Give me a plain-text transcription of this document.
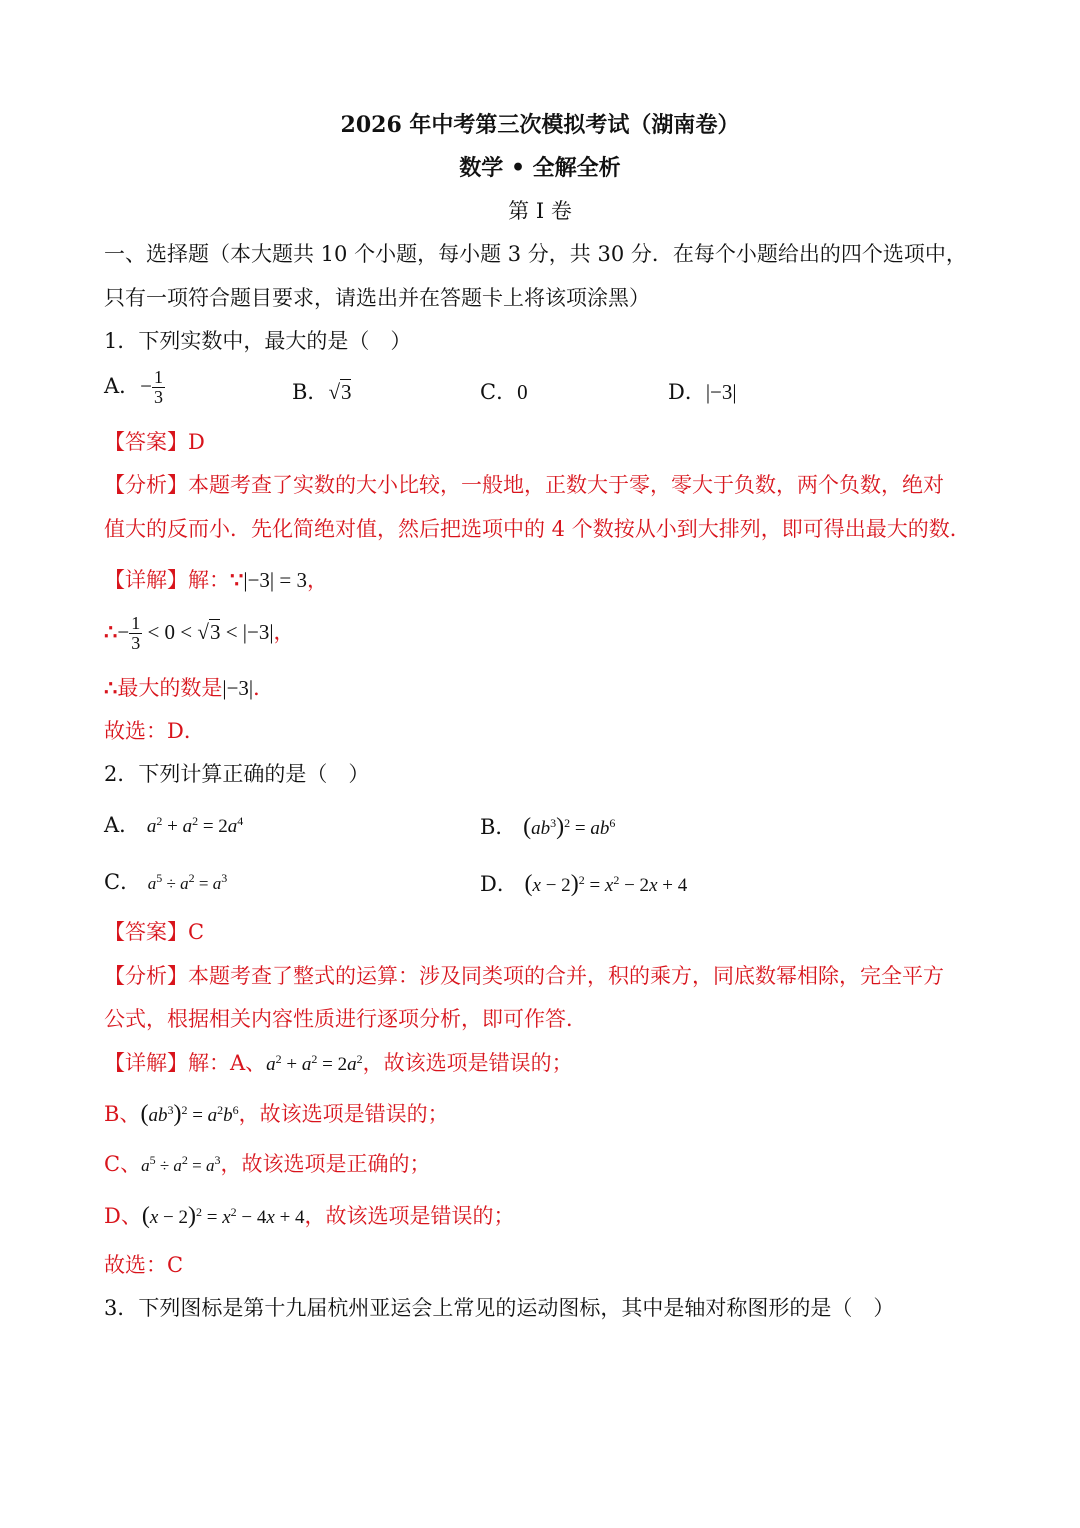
2026 年中考第三次模拟考试（湖南卷）
数学 • 全解全析
第 I 卷
一、选择题（本大题共 10 个小题，每小题 3 分，共 30 分．在每个小题给出的四个选项中，
只有一项符合题目要求，请选出并在答题卡上将该项涂黑）
1．下列实数中，最大的是（　）
A．− $\frac{1}{3}$	B．√3	C．0	D．|−3|
【答案】D
【分析】本题考查了实数的大小比较，一般地，正数大于零，零大于负数，两个负数，绝对
值大的反而小．先化简绝对值，然后把选项中的 4 个数按从小到大排列，即可得出最大的数．
【详解】解：∵|−3| = 3，
∴− $\frac{1}{3} < 0 < √3 < |-3|$，
∴最大的数是|−3|．
故选：D．
2．下列计算正确的是（　）
A． $a^2 + a^2 = 2a^4$	B． $(ab^3)^2 = ab^6$
C． $a^5 \div a^2 = a^3$	D． $(x - 2)^2 = x^2 - 2x + 4$
【答案】C
【分析】本题考查了整式的运算：涉及同类项的合并，积的乘方，同底数幂相除，完全平方
公式，根据相关内容性质进行逐项分析，即可作答．
【详解】解：A、$a^2 + a^2 = 2a^2$，故该选项是错误的；
B、$(ab^3)^2 = a^2b^6$，故该选项是错误的；
C、$a^5 \div a^2 = a^3$，故该选项是正确的；
D、$(x - 2)^2 = x^2 - 4x + 4$，故该选项是错误的；
故选：C
3．下列图标是第十九届杭州亚运会上常见的运动图标，其中是轴对称图形的是（　）
